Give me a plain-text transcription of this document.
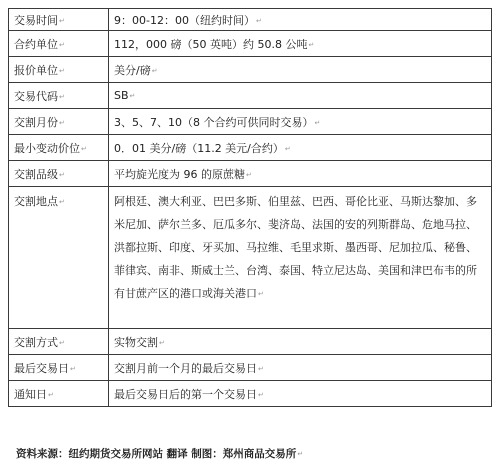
交易时间↵	9：00-12：00（纽约时间）↵
合约单位↵	112，000 磅（50 英吨）约 50.8 公吨↵
报价单位↵	美分/磅↵
交易代码↵	SB↵
交割月份↵	3、5、7、10（8 个合约可供同时交易）↵
最小变动价位↵	0．01 美分/磅（11.2 美元/合约）↵
交割品级↵	平均旋光度为 96 的原蔗糖↵
交割地点↵	阿根廷、澳大利亚、巴巴多斯、伯里兹、巴西、哥伦比亚、马斯达黎加、多米尼加、萨尔兰多、厄瓜多尔、斐济岛、法国的安的列斯群岛、危地马拉、洪都拉斯、印度、牙买加、马拉维、毛里求斯、墨西哥、尼加拉瓜、秘鲁、菲律宾、南非、斯威士兰、台湾、泰国、特立尼达岛、美国和津巴布韦的所有甘蔗产区的港口或海关港口↵
交割方式↵	实物交割↵
最后交易日↵	交割月前一个月的最后交易日↵
通知日↵	最后交易日后的第一个交易日↵
资料来源：纽约期货交易所网站 翻译 制图：郑州商品交易所↵
